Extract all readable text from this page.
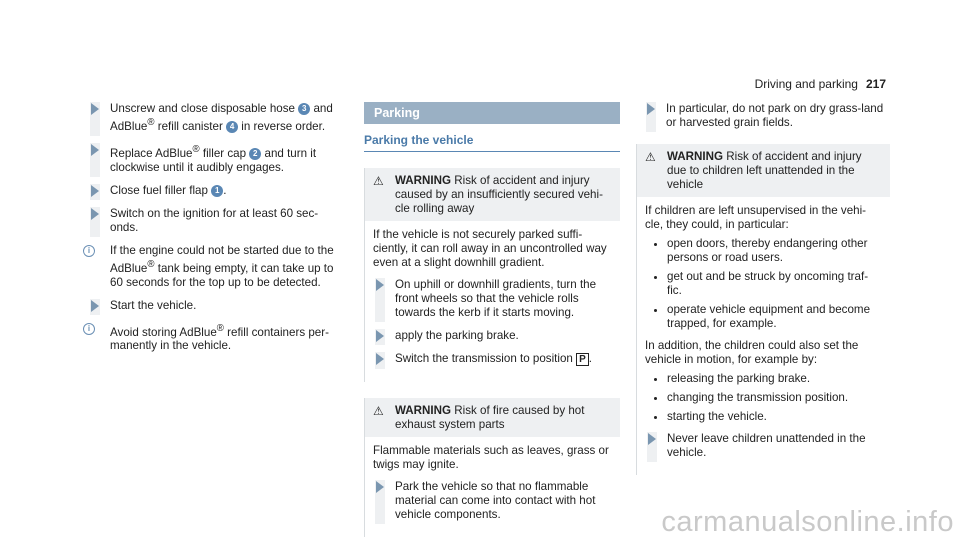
Driving and parking 217
Unscrew and close disposable hose 3 and AdBlue® refill canister 4 in reverse order.
Replace AdBlue® filler cap 2 and turn it clockwise until it audibly engages.
Close fuel filler flap 1 .
Switch on the ignition for at least 60 sec-onds.
i	If the engine could not be started due to the AdBlue® tank being empty, it can take up to 60 seconds for the top up to be detected.
Start the vehicle.
i	Avoid storing AdBlue® refill containers per-manently in the vehicle.
Parking
Parking the vehicle
⚠ WARNING Risk of accident and injury caused by an insufficiently secured vehi-cle rolling away

If the vehicle is not securely parked suffi-ciently, it can roll away in an uncontrolled way even at a slight downhill gradient.

On uphill or downhill gradients, turn the front wheels so that the vehicle rolls towards the kerb if it starts moving.
apply the parking brake.
Switch the transmission to position P .
⚠ WARNING Risk of fire caused by hot exhaust system parts

Flammable materials such as leaves, grass or twigs may ignite.

Park the vehicle so that no flammable material can come into contact with hot vehicle components.
In particular, do not park on dry grass-land or harvested grain fields.
⚠ WARNING Risk of accident and injury due to children left unattended in the vehicle

If children are left unsupervised in the vehi-cle, they could, in particular:

• open doors, thereby endangering other persons or road users.
• get out and be struck by oncoming traf-fic.
• operate vehicle equipment and become trapped, for example.

In addition, the children could also set the vehicle in motion, for example by:

• releasing the parking brake.
• changing the transmission position.
• starting the vehicle.
Never leave children unattended in the vehicle.
carmanualsonline.info
